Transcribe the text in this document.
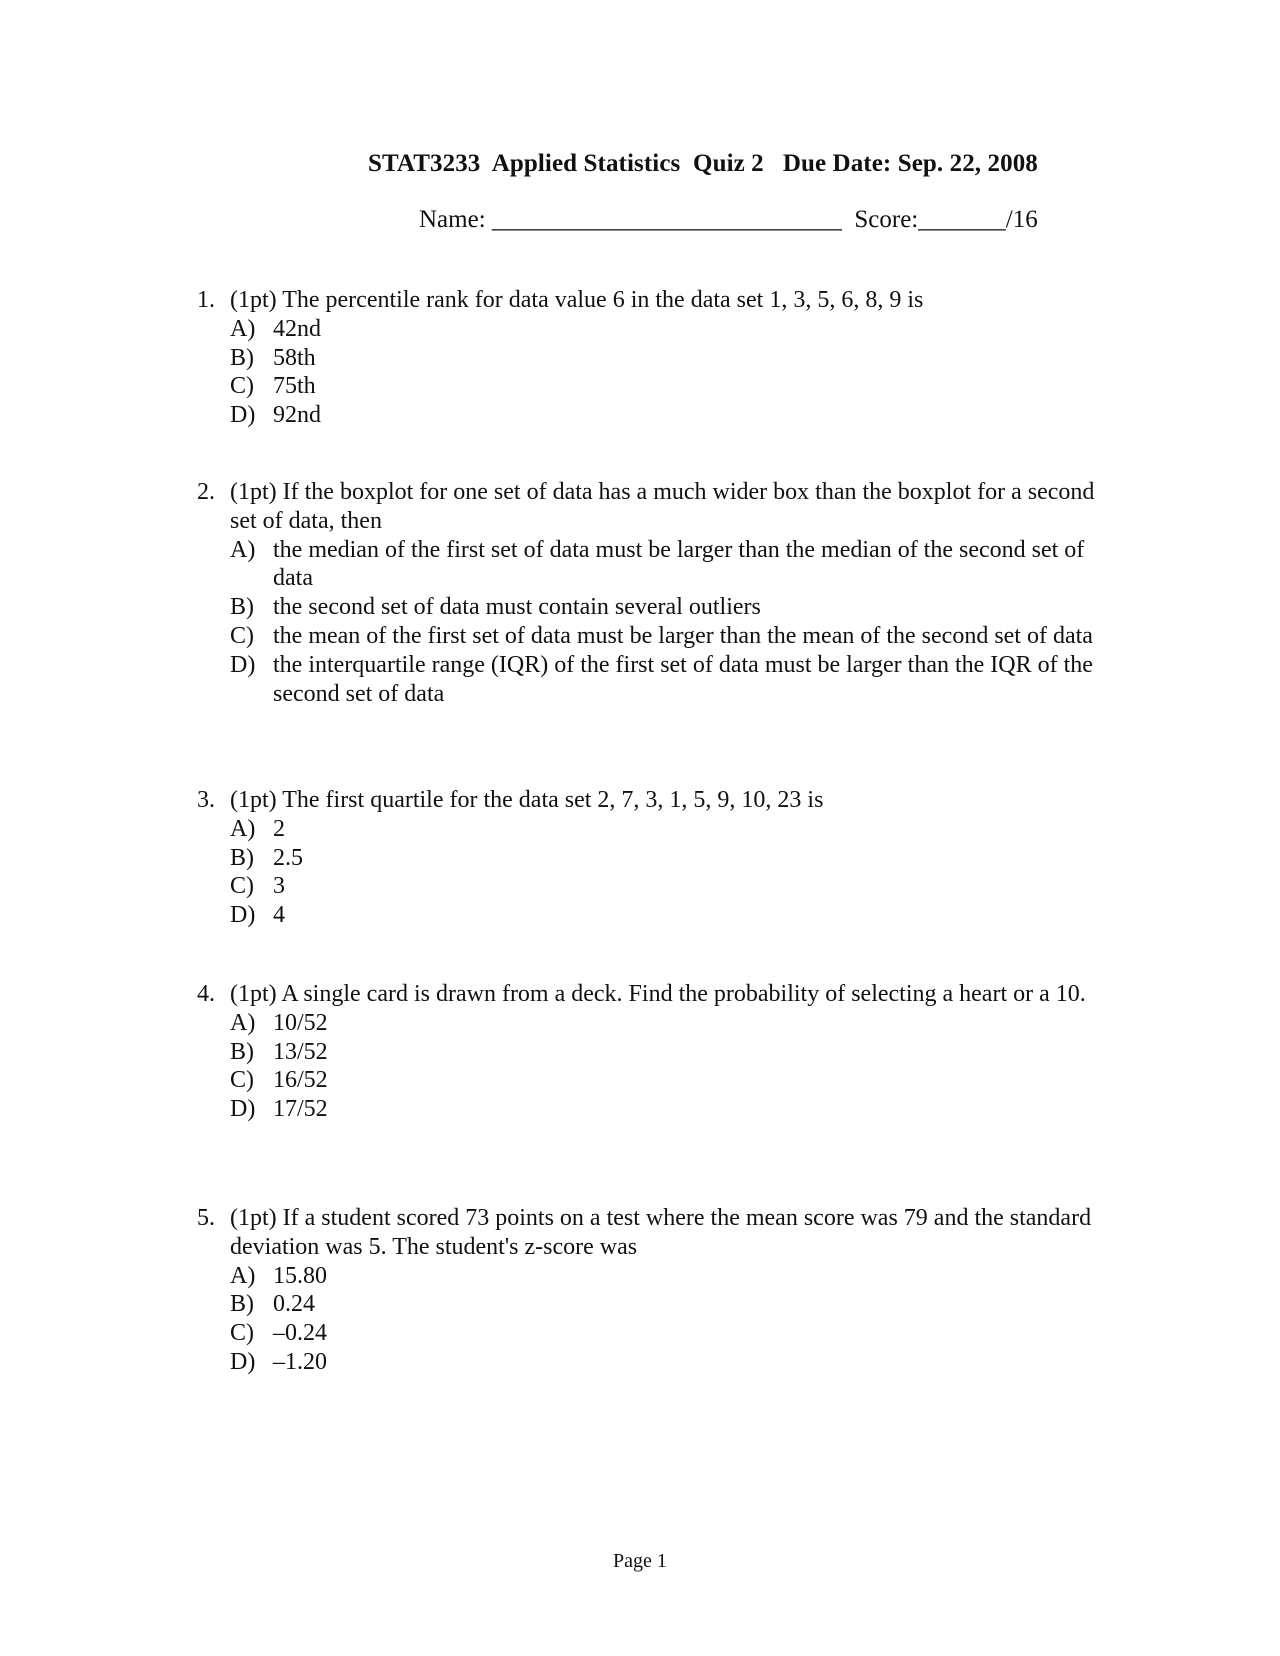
STAT3233  Applied Statistics  Quiz 2   Due Date: Sep. 22, 2008
Name: ____________________________  Score:_______/16
1. (1pt) The percentile rank for data value 6 in the data set 1, 3, 5, 6, 8, 9 is
A) 42nd
B) 58th
C) 75th
D) 92nd
2. (1pt) If the boxplot for one set of data has a much wider box than the boxplot for a second set of data, then
A) the median of the first set of data must be larger than the median of the second set of data
B) the second set of data must contain several outliers
C) the mean of the first set of data must be larger than the mean of the second set of data
D) the interquartile range (IQR) of the first set of data must be larger than the IQR of the second set of data
3. (1pt) The first quartile for the data set 2, 7, 3, 1, 5, 9, 10, 23 is
A) 2
B) 2.5
C) 3
D) 4
4. (1pt) A single card is drawn from a deck. Find the probability of selecting a heart or a 10.
A) 10/52
B) 13/52
C) 16/52
D) 17/52
5. (1pt) If a student scored 73 points on a test where the mean score was 79 and the standard deviation was 5. The student's z-score was
A) 15.80
B) 0.24
C) –0.24
D) –1.20
Page 1
